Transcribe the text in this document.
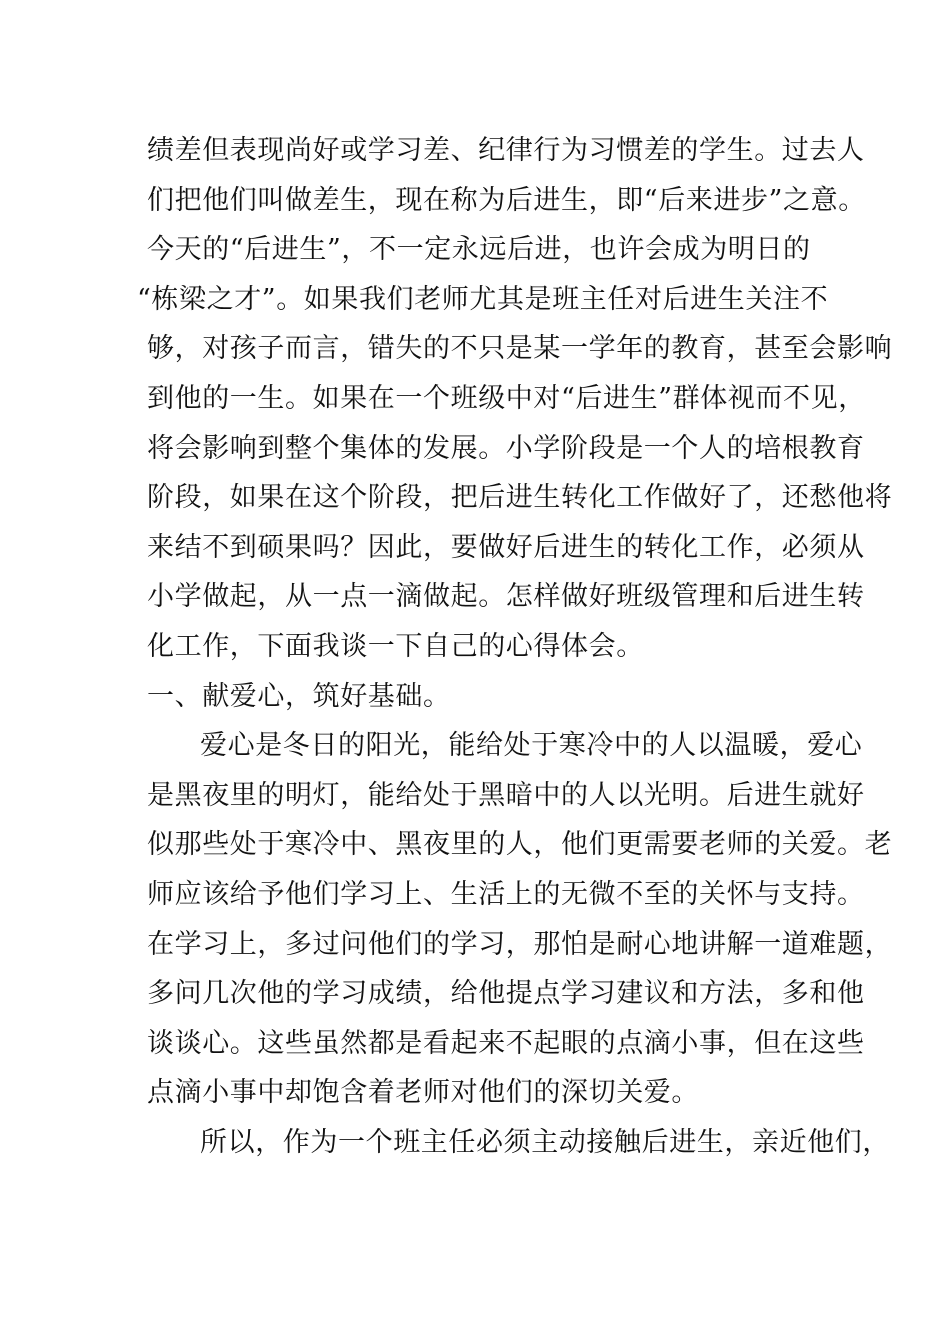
绩差但表现尚好或学习差、纪律行为习惯差的学生。过去人
们把他们叫做差生，现在称为后进生，即“后来进步”之意。
今天的“后进生”，不一定永远后进，也许会成为明日的
“栋梁之才”。如果我们老师尤其是班主任对后进生关注不
够，对孩子而言，错失的不只是某一学年的教育，甚至会影响
到他的一生。如果在一个班级中对“后进生”群体视而不见，
将会影响到整个集体的发展。小学阶段是一个人的培根教育
阶段，如果在这个阶段，把后进生转化工作做好了，还愁他将
来结不到硕果吗？因此，要做好后进生的转化工作，必须从
小学做起，从一点一滴做起。怎样做好班级管理和后进生转
化工作，下面我谈一下自己的心得体会。
一、献爱心，筑好基础。
爱心是冬日的阳光，能给处于寒冷中的人以温暖，爱心
是黑夜里的明灯，能给处于黑暗中的人以光明。后进生就好
似那些处于寒冷中、黑夜里的人，他们更需要老师的关爱。老
师应该给予他们学习上、生活上的无微不至的关怀与支持。
在学习上，多过问他们的学习，那怕是耐心地讲解一道难题，
多问几次他的学习成绩，给他提点学习建议和方法，多和他
谈谈心。这些虽然都是看起来不起眼的点滴小事，但在这些
点滴小事中却饱含着老师对他们的深切关爱。
所以，作为一个班主任必须主动接触后进生，亲近他们，
